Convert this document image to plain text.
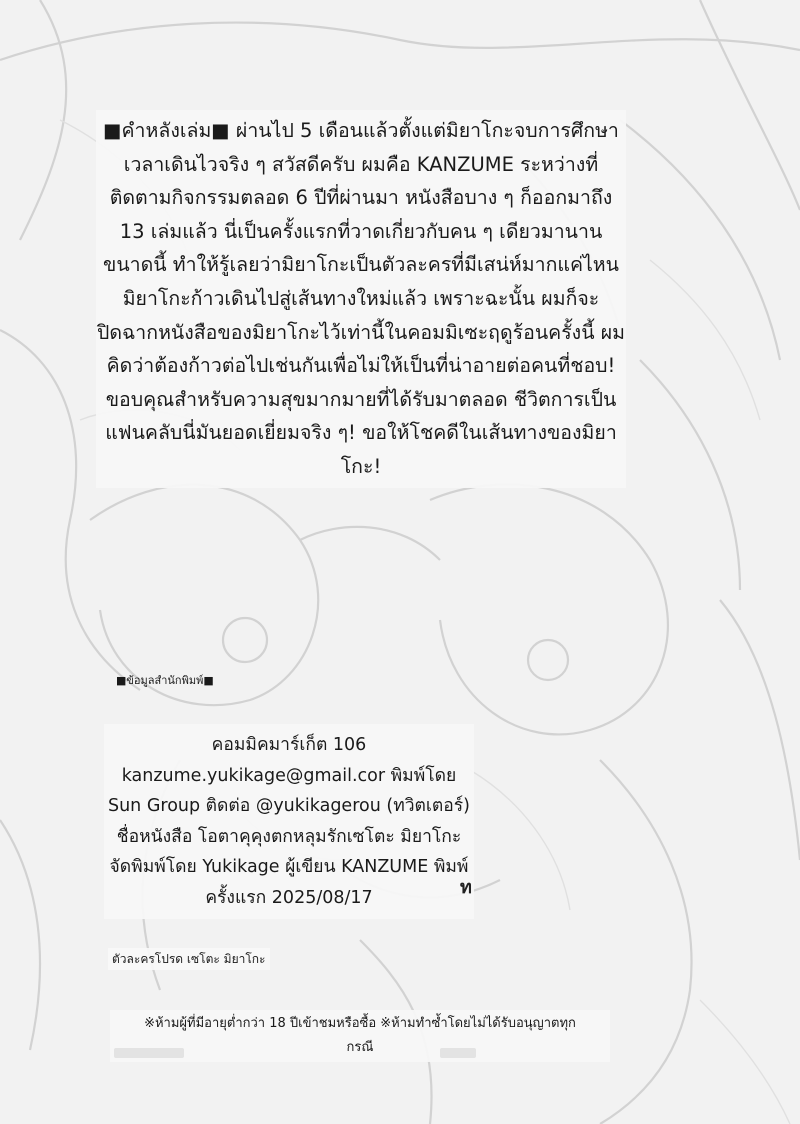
■คำหลังเล่ม■ ผ่านไป 5 เดือนแล้วตั้งแต่มิยาโกะจบการศึกษา เวลาเดินไวจริง ๆ สวัสดีครับ ผมคือ KANZUME ระหว่างที่ติดตามกิจกรรมตลอด 6 ปีที่ผ่านมา หนังสือบาง ๆ ก็ออกมาถึง 13 เล่มแล้ว นี่เป็นครั้งแรกที่วาดเกี่ยวกับคน ๆ เดียวมานานขนาดนี้ ทำให้รู้เลยว่ามิยาโกะเป็นตัวละครที่มีเสน่ห์มากแค่ไหน มิยาโกะก้าวเดินไปสู่เส้นทางใหม่แล้ว เพราะฉะนั้น ผมก็จะปิดฉากหนังสือของมิยาโกะไว้เท่านี้ในคอมมิเซะฤดูร้อนครั้งนี้ ผมคิดว่าต้องก้าวต่อไปเช่นกันเพื่อไม่ให้เป็นที่น่าอายต่อคนที่ชอบ! ขอบคุณสำหรับความสุขมากมายที่ได้รับมาตลอด ชีวิตการเป็นแฟนคลับนี่มันยอดเยี่ยมจริง ๆ! ขอให้โชคดีในเส้นทางของมิยาโกะ!
■ข้อมูลสำนักพิมพ์■
คอมมิคมาร์เก็ต 106 kanzume.yukikage@gmail.cor พิมพ์โดย Sun Group ติดต่อ @yukikagerou (ทวิตเตอร์) ชื่อหนังสือ โอตาคุคุงตกหลุมรักเซโตะ มิยาโกะ จัดพิมพ์โดย Yukikage ผู้เขียน KANZUME พิมพ์ครั้งแรก 2025/08/17	ท
ตัวละครโปรด เซโตะ มิยาโกะ
※ห้ามผู้ที่มีอายุต่ำกว่า 18 ปีเข้าชมหรือซื้อ ※ห้ามทำซ้ำโดยไม่ได้รับอนุญาตทุก
กรณี
